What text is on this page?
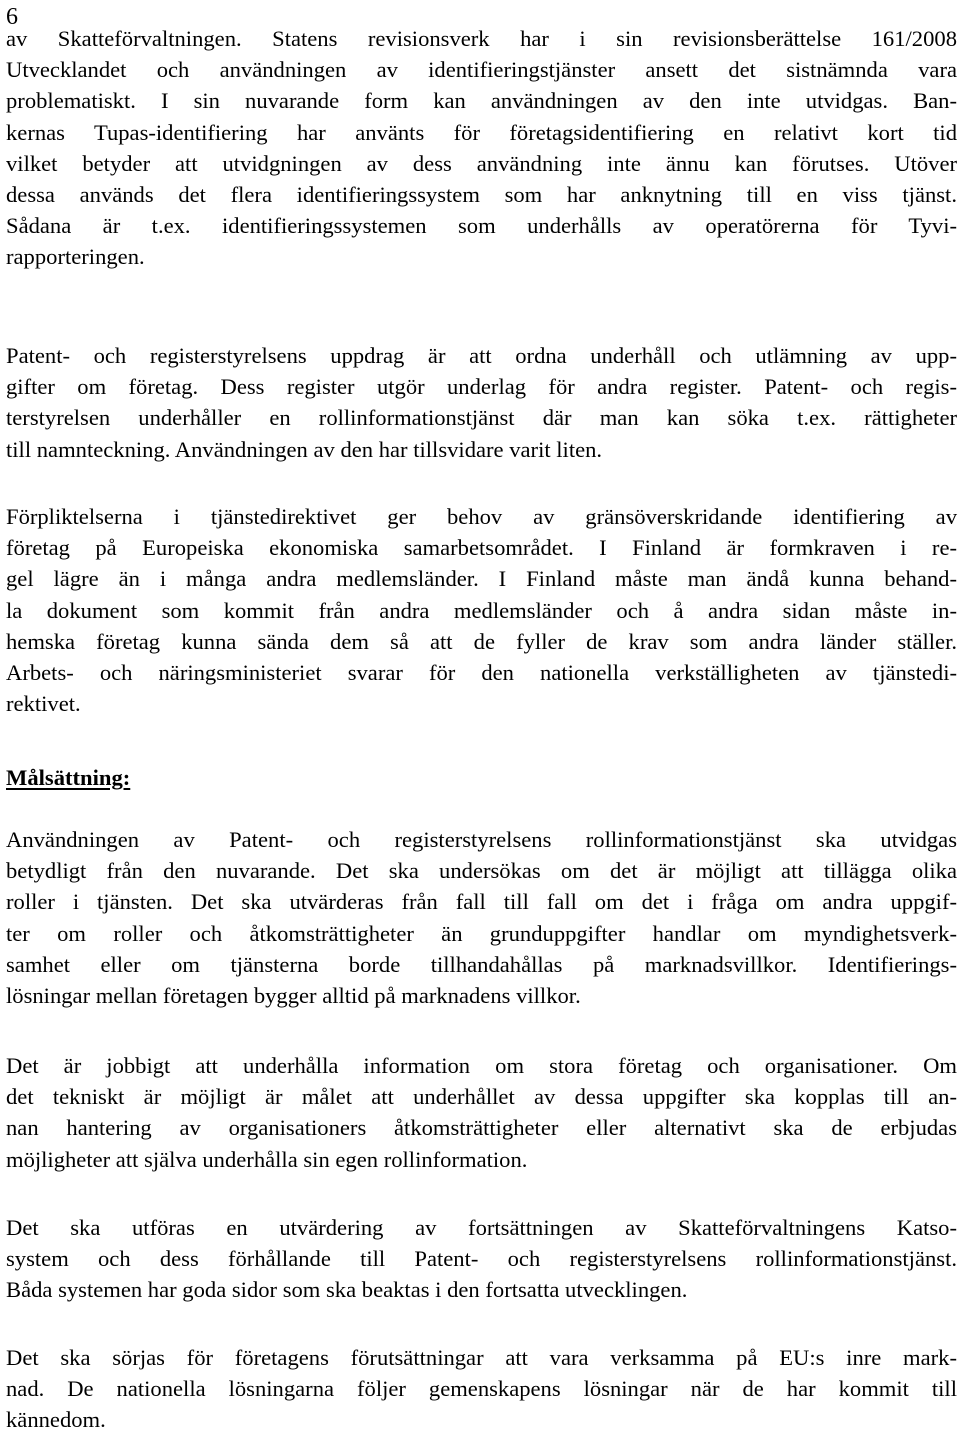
6
av Skatteförvaltningen. Statens revisionsverk har i sin revisionsberättelse 161/2008
Utvecklandet och användningen av identifieringstjänster ansett det sistnämnda vara
problematiskt. I sin nuvarande form kan användningen av den inte utvidgas. Ban-
kernas Tupas-identifiering har använts för företagsidentifiering en relativt kort tid
vilket betyder att utvidgningen av dess användning inte ännu kan förutses. Utöver
dessa används det flera identifieringssystem som har anknytning till en viss tjänst.
Sådana är t.ex. identifieringssystemen som underhålls av operatörerna för Tyvi-
rapporteringen.
Patent- och registerstyrelsens uppdrag är att ordna underhåll och utlämning av upp-
gifter om företag. Dess register utgör underlag för andra register. Patent- och regis-
terstyrelsen underhåller en rollinformationstjänst där man kan söka t.ex. rättigheter
till namnteckning. Användningen av den har tillsvidare varit liten.
Förpliktelserna i tjänstedirektivet ger behov av gränsöverskridande identifiering av
företag på Europeiska ekonomiska samarbetsområdet. I Finland är formkraven i re-
gel lägre än i många andra medlemsländer. I Finland måste man ändå kunna behand-
la dokument som kommit från andra medlemsländer och å andra sidan måste in-
hemska företag kunna sända dem så att de fyller de krav som andra länder ställer.
Arbets- och näringsministeriet svarar för den nationella verkställigheten av tjänstedi-
rektivet.
Målsättning:
Användningen av Patent- och registerstyrelsens rollinformationstjänst ska utvidgas
betydligt från den nuvarande. Det ska undersökas om det är möjligt att tillägga olika
roller i tjänsten. Det ska utvärderas från fall till fall om det i fråga om andra uppgif-
ter om roller och åtkomsträttigheter än grunduppgifter handlar om myndighetsverk-
samhet eller om tjänsterna borde tillhandahållas på marknadsvillkor. Identifierings-
lösningar mellan företagen bygger alltid på marknadens villkor.
Det är jobbigt att underhålla information om stora företag och organisationer. Om
det tekniskt är möjligt är målet att underhållet av dessa uppgifter ska kopplas till an-
nan hantering av organisationers åtkomsträttigheter eller alternativt ska de erbjudas
möjligheter att själva underhålla sin egen rollinformation.
Det ska utföras en utvärdering av fortsättningen av Skatteförvaltningens Katso-
system och dess förhållande till Patent- och registerstyrelsens rollinformationstjänst.
Båda systemen har goda sidor som ska beaktas i den fortsatta utvecklingen.
Det ska sörjas för företagens förutsättningar att vara verksamma på EU:s inre mark-
nad. De nationella lösningarna följer gemenskapens lösningar när de har kommit till
kännedom.
